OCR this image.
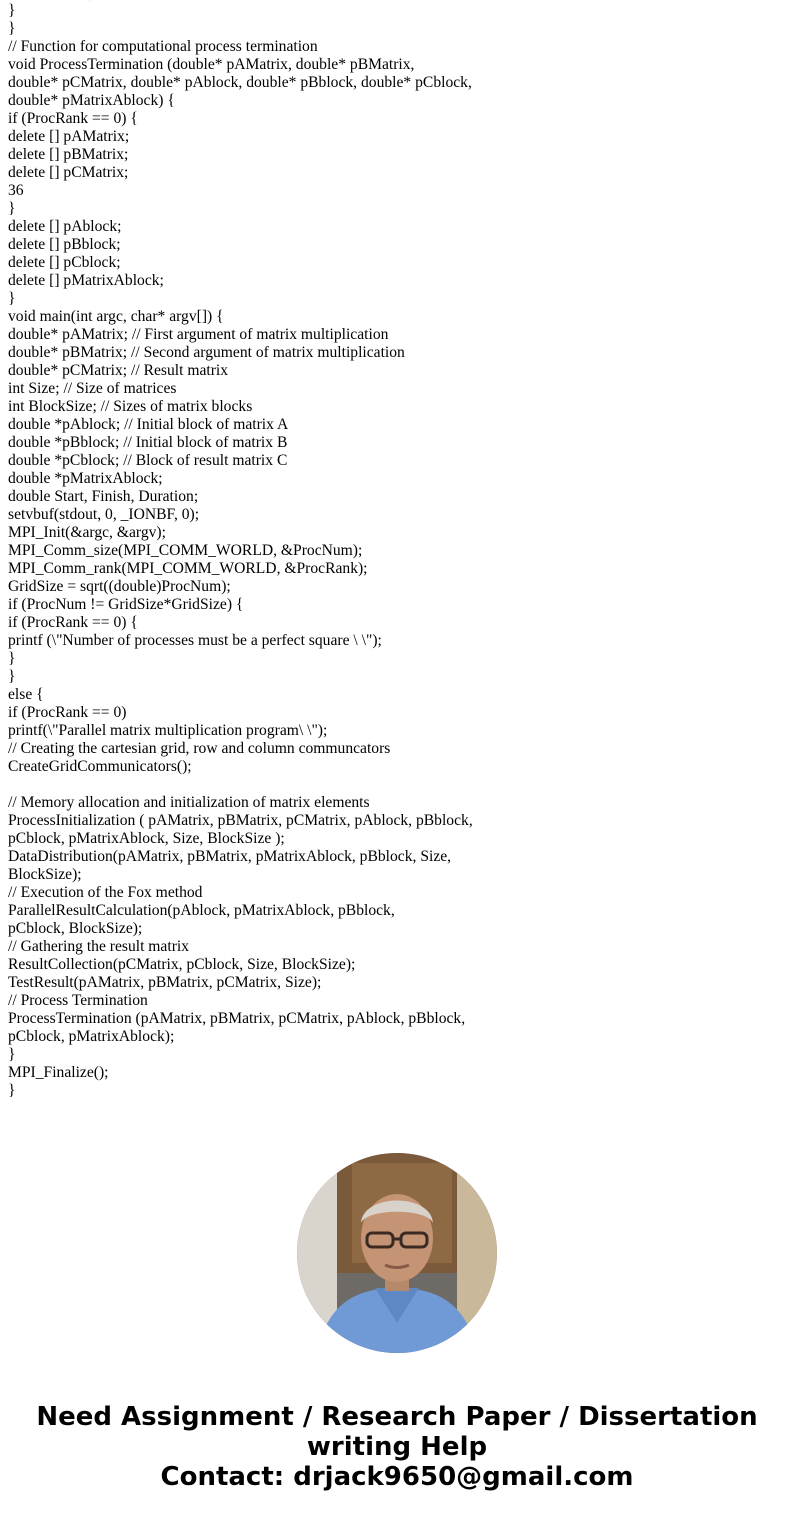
}
}
// Function for computational process termination
void ProcessTermination (double* pAMatrix, double* pBMatrix,
double* pCMatrix, double* pAblock, double* pBblock, double* pCblock,
double* pMatrixAblock) {
if (ProcRank == 0) {
delete [] pAMatrix;
delete [] pBMatrix;
delete [] pCMatrix;
36
}
delete [] pAblock;
delete [] pBblock;
delete [] pCblock;
delete [] pMatrixAblock;
}
void main(int argc, char* argv[]) {
double* pAMatrix; // First argument of matrix multiplication
double* pBMatrix; // Second argument of matrix multiplication
double* pCMatrix; // Result matrix
int Size; // Size of matrices
int BlockSize; // Sizes of matrix blocks
double *pAblock; // Initial block of matrix A
double *pBblock; // Initial block of matrix B
double *pCblock; // Block of result matrix C
double *pMatrixAblock;
double Start, Finish, Duration;
setvbuf(stdout, 0, _IONBF, 0);
MPI_Init(&argc, &argv);
MPI_Comm_size(MPI_COMM_WORLD, &ProcNum);
MPI_Comm_rank(MPI_COMM_WORLD, &ProcRank);
GridSize = sqrt((double)ProcNum);
if (ProcNum != GridSize*GridSize) {
if (ProcRank == 0) {
printf (\"Number of processes must be a perfect square \ \");
}
}
else {
if (ProcRank == 0)
printf(\"Parallel matrix multiplication program\ \");
// Creating the cartesian grid, row and column communcators
CreateGridCommunicators();
// Memory allocation and initialization of matrix elements
ProcessInitialization ( pAMatrix, pBMatrix, pCMatrix, pAblock, pBblock,
pCblock, pMatrixAblock, Size, BlockSize );
DataDistribution(pAMatrix, pBMatrix, pMatrixAblock, pBblock, Size,
BlockSize);
// Execution of the Fox method
ParallelResultCalculation(pAblock, pMatrixAblock, pBblock,
pCblock, BlockSize);
// Gathering the result matrix
ResultCollection(pCMatrix, pCblock, Size, BlockSize);
TestResult(pAMatrix, pBMatrix, pCMatrix, Size);
// Process Termination
ProcessTermination (pAMatrix, pBMatrix, pCMatrix, pAblock, pBblock,
pCblock, pMatrixAblock);
}
MPI_Finalize();
}
Need Assignment / Research Paper / Dissertation
writing Help
Contact: drjack9650@gmail.com
